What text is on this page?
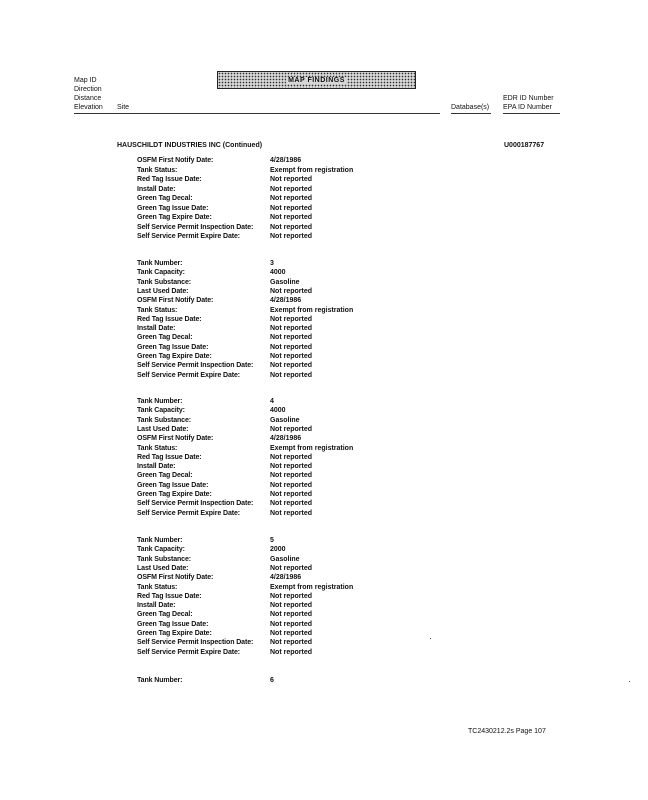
Map ID
Direction
Distance
Elevation Site
MAP FINDINGS
Database(s)
EDR ID Number
EPA ID Number
HAUSCHILDT INDUSTRIES INC (Continued)	U000187767
OSFM First Notify Date:	4/28/1986
Tank Status:	Exempt from registration
Red Tag Issue Date:	Not reported
Install Date:	Not reported
Green Tag Decal:	Not reported
Green Tag Issue Date:	Not reported
Green Tag Expire Date:	Not reported
Self Service Permit Inspection Date: Not reported
Self Service Permit Expire Date:	Not reported
Tank Number:	3
Tank Capacity:	4000
Tank Substance:	Gasoline
Last Used Date:	Not reported
OSFM First Notify Date:	4/28/1986
Tank Status:	Exempt from registration
Red Tag Issue Date:	Not reported
Install Date:	Not reported
Green Tag Decal:	Not reported
Green Tag Issue Date:	Not reported
Green Tag Expire Date:	Not reported
Self Service Permit Inspection Date: Not reported
Self Service Permit Expire Date:	Not reported
Tank Number:	4
Tank Capacity:	4000
Tank Substance:	Gasoline
Last Used Date:	Not reported
OSFM First Notify Date:	4/28/1986
Tank Status:	Exempt from registration
Red Tag Issue Date:	Not reported
Install Date:	Not reported
Green Tag Decal:	Not reported
Green Tag Issue Date:	Not reported
Green Tag Expire Date:	Not reported
Self Service Permit Inspection Date: Not reported
Self Service Permit Expire Date:	Not reported
Tank Number:	5
Tank Capacity:	2000
Tank Substance:	Gasoline
Last Used Date:	Not reported
OSFM First Notify Date:	4/28/1986
Tank Status:	Exempt from registration
Red Tag Issue Date:	Not reported
Install Date:	Not reported
Green Tag Decal:	Not reported
Green Tag Issue Date:	Not reported
Green Tag Expire Date:	Not reported
Self Service Permit Inspection Date: Not reported
Self Service Permit Expire Date:	Not reported
Tank Number:	6
TC2430212.2s Page 107
